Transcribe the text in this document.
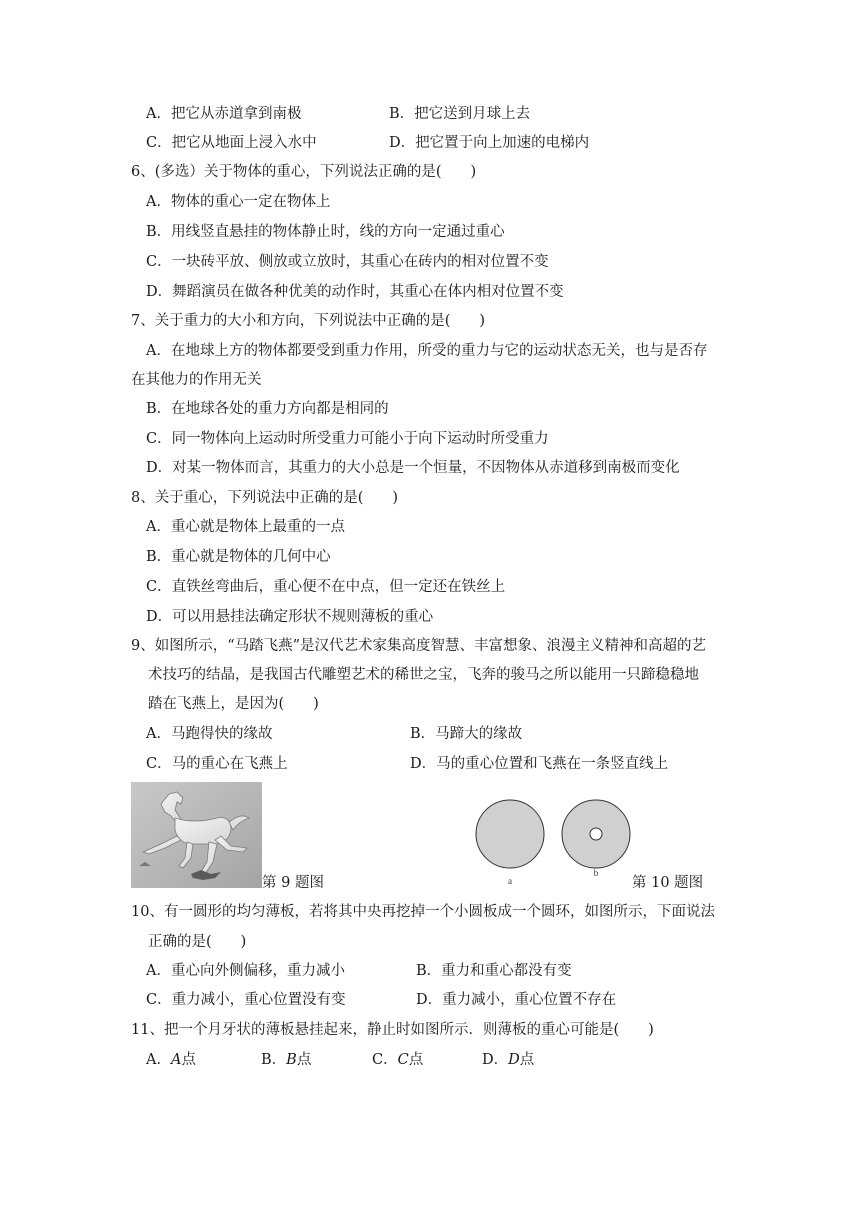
A．把它从赤道拿到南极	B．把它送到月球上去
C．把它从地面上浸入水中	D．把它置于向上加速的电梯内
6、(多选）关于物体的重心，下列说法正确的是(　　)
A．物体的重心一定在物体上
B．用线竖直悬挂的物体静止时，线的方向一定通过重心
C．一块砖平放、侧放或立放时，其重心在砖内的相对位置不变
D．舞蹈演员在做各种优美的动作时，其重心在体内相对位置不变
7、关于重力的大小和方向，下列说法中正确的是(　　)
A．在地球上方的物体都要受到重力作用，所受的重力与它的运动状态无关，也与是否存
在其他力的作用无关
B．在地球各处的重力方向都是相同的
C．同一物体向上运动时所受重力可能小于向下运动时所受重力
D．对某一物体而言，其重力的大小总是一个恒量，不因物体从赤道移到南极而变化
8、关于重心，下列说法中正确的是(　　)
A．重心就是物体上最重的一点
B．重心就是物体的几何中心
C．直铁丝弯曲后，重心便不在中点，但一定还在铁丝上
D．可以用悬挂法确定形状不规则薄板的重心
9、如图所示，“马踏飞燕”是汉代艺术家集高度智慧、丰富想象、浪漫主义精神和高超的艺
术技巧的结晶，是我国古代雕塑艺术的稀世之宝，飞奔的骏马之所以能用一只蹄稳稳地
踏在飞燕上，是因为(　　)
A．马跑得快的缘故	B．马蹄大的缘故
C．马的重心在飞燕上	D．马的重心位置和飞燕在一条竖直线上
第 9 题图	a
b
第 10 题图
10、有一圆形的均匀薄板，若将其中央再挖掉一个小圆板成一个圆环，如图所示，下面说法
正确的是(　　)
A．重心向外侧偏移，重力减小	B．重力和重心都没有变
C．重力减小，重心位置没有变	D．重力减小，重心位置不存在
11、把一个月牙状的薄板悬挂起来，静止时如图所示．则薄板的重心可能是(　　)
A．A点	B．B点	C．C点	D．D点
